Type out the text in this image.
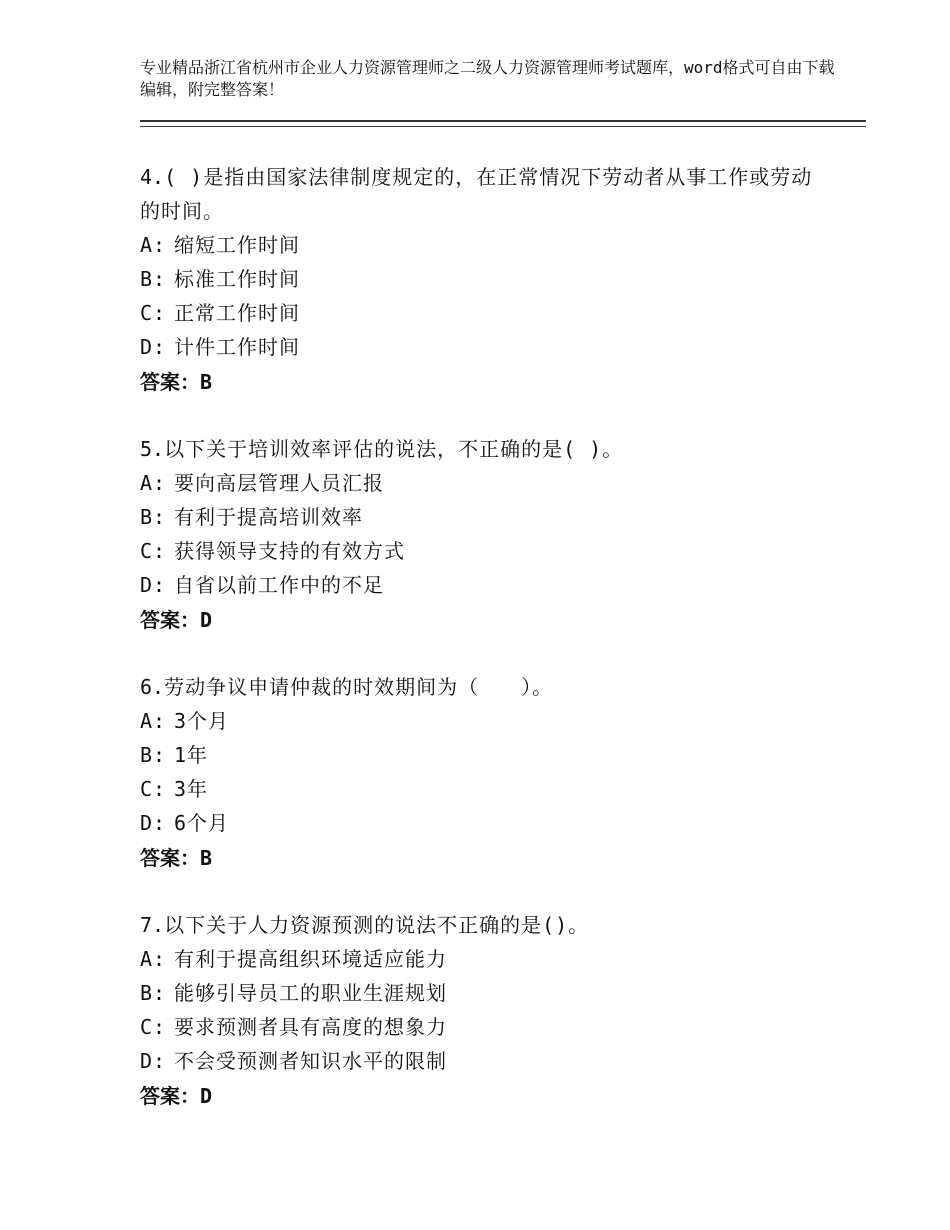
专业精品浙江省杭州市企业人力资源管理师之二级人力资源管理师考试题库，word格式可自由下载编辑，附完整答案！
4.( )是指由国家法律制度规定的，在正常情况下劳动者从事工作或劳动的时间。
A: 缩短工作时间
B: 标准工作时间
C: 正常工作时间
D: 计件工作时间
答案：B
5.以下关于培训效率评估的说法，不正确的是( )。
A: 要向高层管理人员汇报
B: 有利于提高培训效率
C: 获得领导支持的有效方式
D: 自省以前工作中的不足
答案：D
6.劳动争议申请仲裁的时效期间为（　　）。
A: 3个月
B: 1年
C: 3年
D: 6个月
答案：B
7.以下关于人力资源预测的说法不正确的是()。
A: 有利于提高组织环境适应能力
B: 能够引导员工的职业生涯规划
C: 要求预测者具有高度的想象力
D: 不会受预测者知识水平的限制
答案：D
